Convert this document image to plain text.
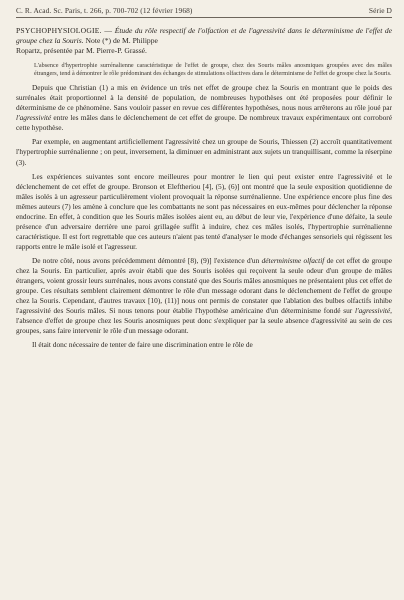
C. R. Acad. Sc. Paris, t. 266, p. 700-702 (12 février 1968)	Série D

PSYCHOPHYSIOLOGIE. — Étude du rôle respectif de l'olfaction et de l'agressivité dans le déterminisme de l'effet de groupe chez la Souris. Note (*) de M. Philippe

Ropartz, présentée par M. Pierre-P. Grassé.

L'absence d'hypertrophie surrénalienne caractéristique de l'effet de groupe, chez des Souris mâles anosmiques groupées avec des mâles étrangers, tend à démontrer le rôle prédominant des échanges de stimulations olfactives dans le déterminisme de l'effet de groupe chez la Souris.

Depuis que Christian (1) a mis en évidence un très net effet de groupe chez la Souris en montrant que le poids des surrénales était proportionnel à la densité de population, de nombreuses hypothèses ont été proposées pour définir le déterminisme de ce phénomène. Sans vouloir passer en revue ces différentes hypothèses, nous nous arrêterons au rôle joué par l'agressivité entre les mâles dans le déclenchement de cet effet de groupe. De nombreux travaux expérimentaux ont corroboré cette hypothèse.

Par exemple, en augmentant artificiellement l'agressivité chez un groupe de Souris, Thiessen (2) accroît quantitativement l'hypertrophie surrénalienne ; on peut, inversement, la diminuer en administrant aux sujets un tranquillisant, comme la réserpine (3).

Les expériences suivantes sont encore meilleures pour montrer le lien qui peut exister entre l'agressivité et le déclenchement de cet effet de groupe. Bronson et Eleftheriou [4], (5), (6)] ont montré que la seule exposition quotidienne de mâles isolés à un agresseur particulièrement violent provoquait la réponse surrénalienne. Une expérience encore plus fine des mêmes auteurs (7) les amène à conclure que les combattants ne sont pas nécessaires en eux-mêmes pour déclencher la réponse endocrine. En effet, à condition que les Souris mâles isolées aient eu, au début de leur vie, l'expérience d'une défaite, la seule présence d'un adversaire derrière une paroi grillagée suffit à induire, chez ces mâles isolés, l'hypertrophie surrénalienne caractéristique. Il est fort regrettable que ces auteurs n'aient pas tenté d'analyser le mode d'échanges sensoriels qui régissent les rapports entre le mâle isolé et l'agresseur.

De notre côté, nous avons précédemment démontré [8), (9)] l'existence d'un déterminisme olfactif de cet effet de groupe chez la Souris. En particulier, après avoir établi que des Souris isolées qui reçoivent la seule odeur d'un groupe de mâles étrangers, voient grossir leurs surrénales, nous avons constaté que des Souris mâles anosmiques ne présentaient plus cet effet de groupe. Ces résultats semblent clairement démontrer le rôle d'un message odorant dans le déclenchement de l'effet de groupe chez la Souris. Cependant, d'autres travaux [10), (11)] nous ont permis de constater que l'ablation des bulbes olfactifs inhibe l'agressivité des Souris mâles. Si nous tenons pour établie l'hypothèse américaine d'un déterminisme fondé sur l'agressivité, l'absence d'effet de groupe chez les Souris anosmiques peut donc s'expliquer par la seule absence d'agressivité au sein de ces groupes, sans faire intervenir le rôle d'un message odorant.

Il était donc nécessaire de tenter de faire une discrimination entre le rôle de
